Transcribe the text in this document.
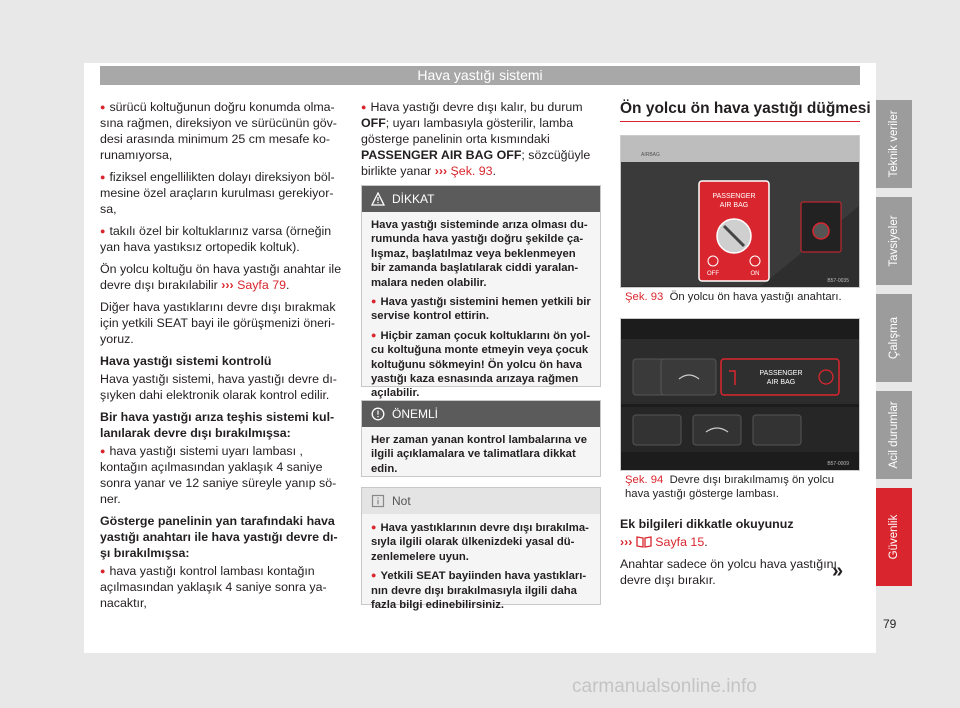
Hava yastığı sistemi

● sürücü koltuğunun doğru konumda olma-sına rağmen, direksiyon ve sürücünün göv-desi arasında minimum 25 cm mesafe ko-runamıyorsa,

● fiziksel engellilikten dolayı direksiyon böl-mesine özel araçların kurulması gerekiyor-sa,

● takılı özel bir koltuklarınız varsa (örneğin yan hava yastıksız ortopedik koltuk).

Ön yolcu koltuğu ön hava yastığı anahtar ile devre dışı bırakılabilir ››› Sayfa 79.

Diğer hava yastıklarını devre dışı bırakmak için yetkili SEAT bayi ile görüşmenizi öneri-yoruz.

Hava yastığı sistemi kontrolü

Hava yastığı sistemi, hava yastığı devre dı-şıyken dahi elektronik olarak kontrol edilir.

Bir hava yastığı arıza teşhis sistemi kul-lanılarak devre dışı bırakılmışsa:

● hava yastığı sistemi uyarı lambası , kontağın açılmasından yaklaşık 4 saniye sonra yanar ve 12 saniye süreyle yanıp sö-ner.

Gösterge panelinin yan tarafındaki hava yastığı anahtarı ile hava yastığı devre dı-şı bırakılmışsa:

● hava yastığı kontrol lambası kontağın açılmasından yaklaşık 4 saniye sonra ya-nacaktır,

● Hava yastığı devre dışı kalır, bu durum OFF; uyarı lambasıyla gösterilir, lamba gösterge panelinin orta kısmındaki PASSENGER AIR BAG OFF; sözcüğüyle birlikte yanar ››› Şek. 93.

DİKKAT

Hava yastığı sisteminde arıza olması du-rumunda hava yastığı doğru şekilde ça-lışmaz, başlatılmaz veya beklenmeyen bir zamanda başlatılarak ciddi yaralan-malara neden olabilir.

● Hava yastığı sistemini hemen yetkili bir servise kontrol ettirin.

● Hiçbir zaman çocuk koltuklarını ön yol-cu koltuğuna monte etmeyin veya çocuk koltuğunu sökmeyin! Ön yolcu ön hava yastığı kaza esnasında arızaya rağmen açılabilir.

ÖNEMLİ
Her zaman yanan kontrol lambalarına ve ilgili açıklamalara ve talimatlara dikkat edin.
Not

● Hava yastıklarının devre dışı bırakılma-sıyla ilgili olarak ülkenizdeki yasal dü-zenlemelere uyun.

● Yetkili SEAT bayiinden hava yastıkları-nın devre dışı bırakılmasıyla ilgili daha fazla bilgi edinebilirsiniz.

Ön yolcu ön hava yastığı düğmesi
PASSENGER
AIR BAG
OFF	ON
AIRBAG
B57-0035
Şek. 93 Ön yolcu ön hava yastığı anahtarı.
PASSENGER
AIR BAG
B57-0009
Şek. 94 Devre dışı bırakılmamış ön yolcu hava yastığı gösterge lambası.

Ek bilgileri dikkatle okuyunuz

››› Sayfa 15.

Anahtar sadece ön yolcu hava yastığını devre dışı bırakır.	»
Teknik veriler
Tavsiyeler
Çalışma
Acil durumlar
Güvenlik
79
carmanualsonline.info
